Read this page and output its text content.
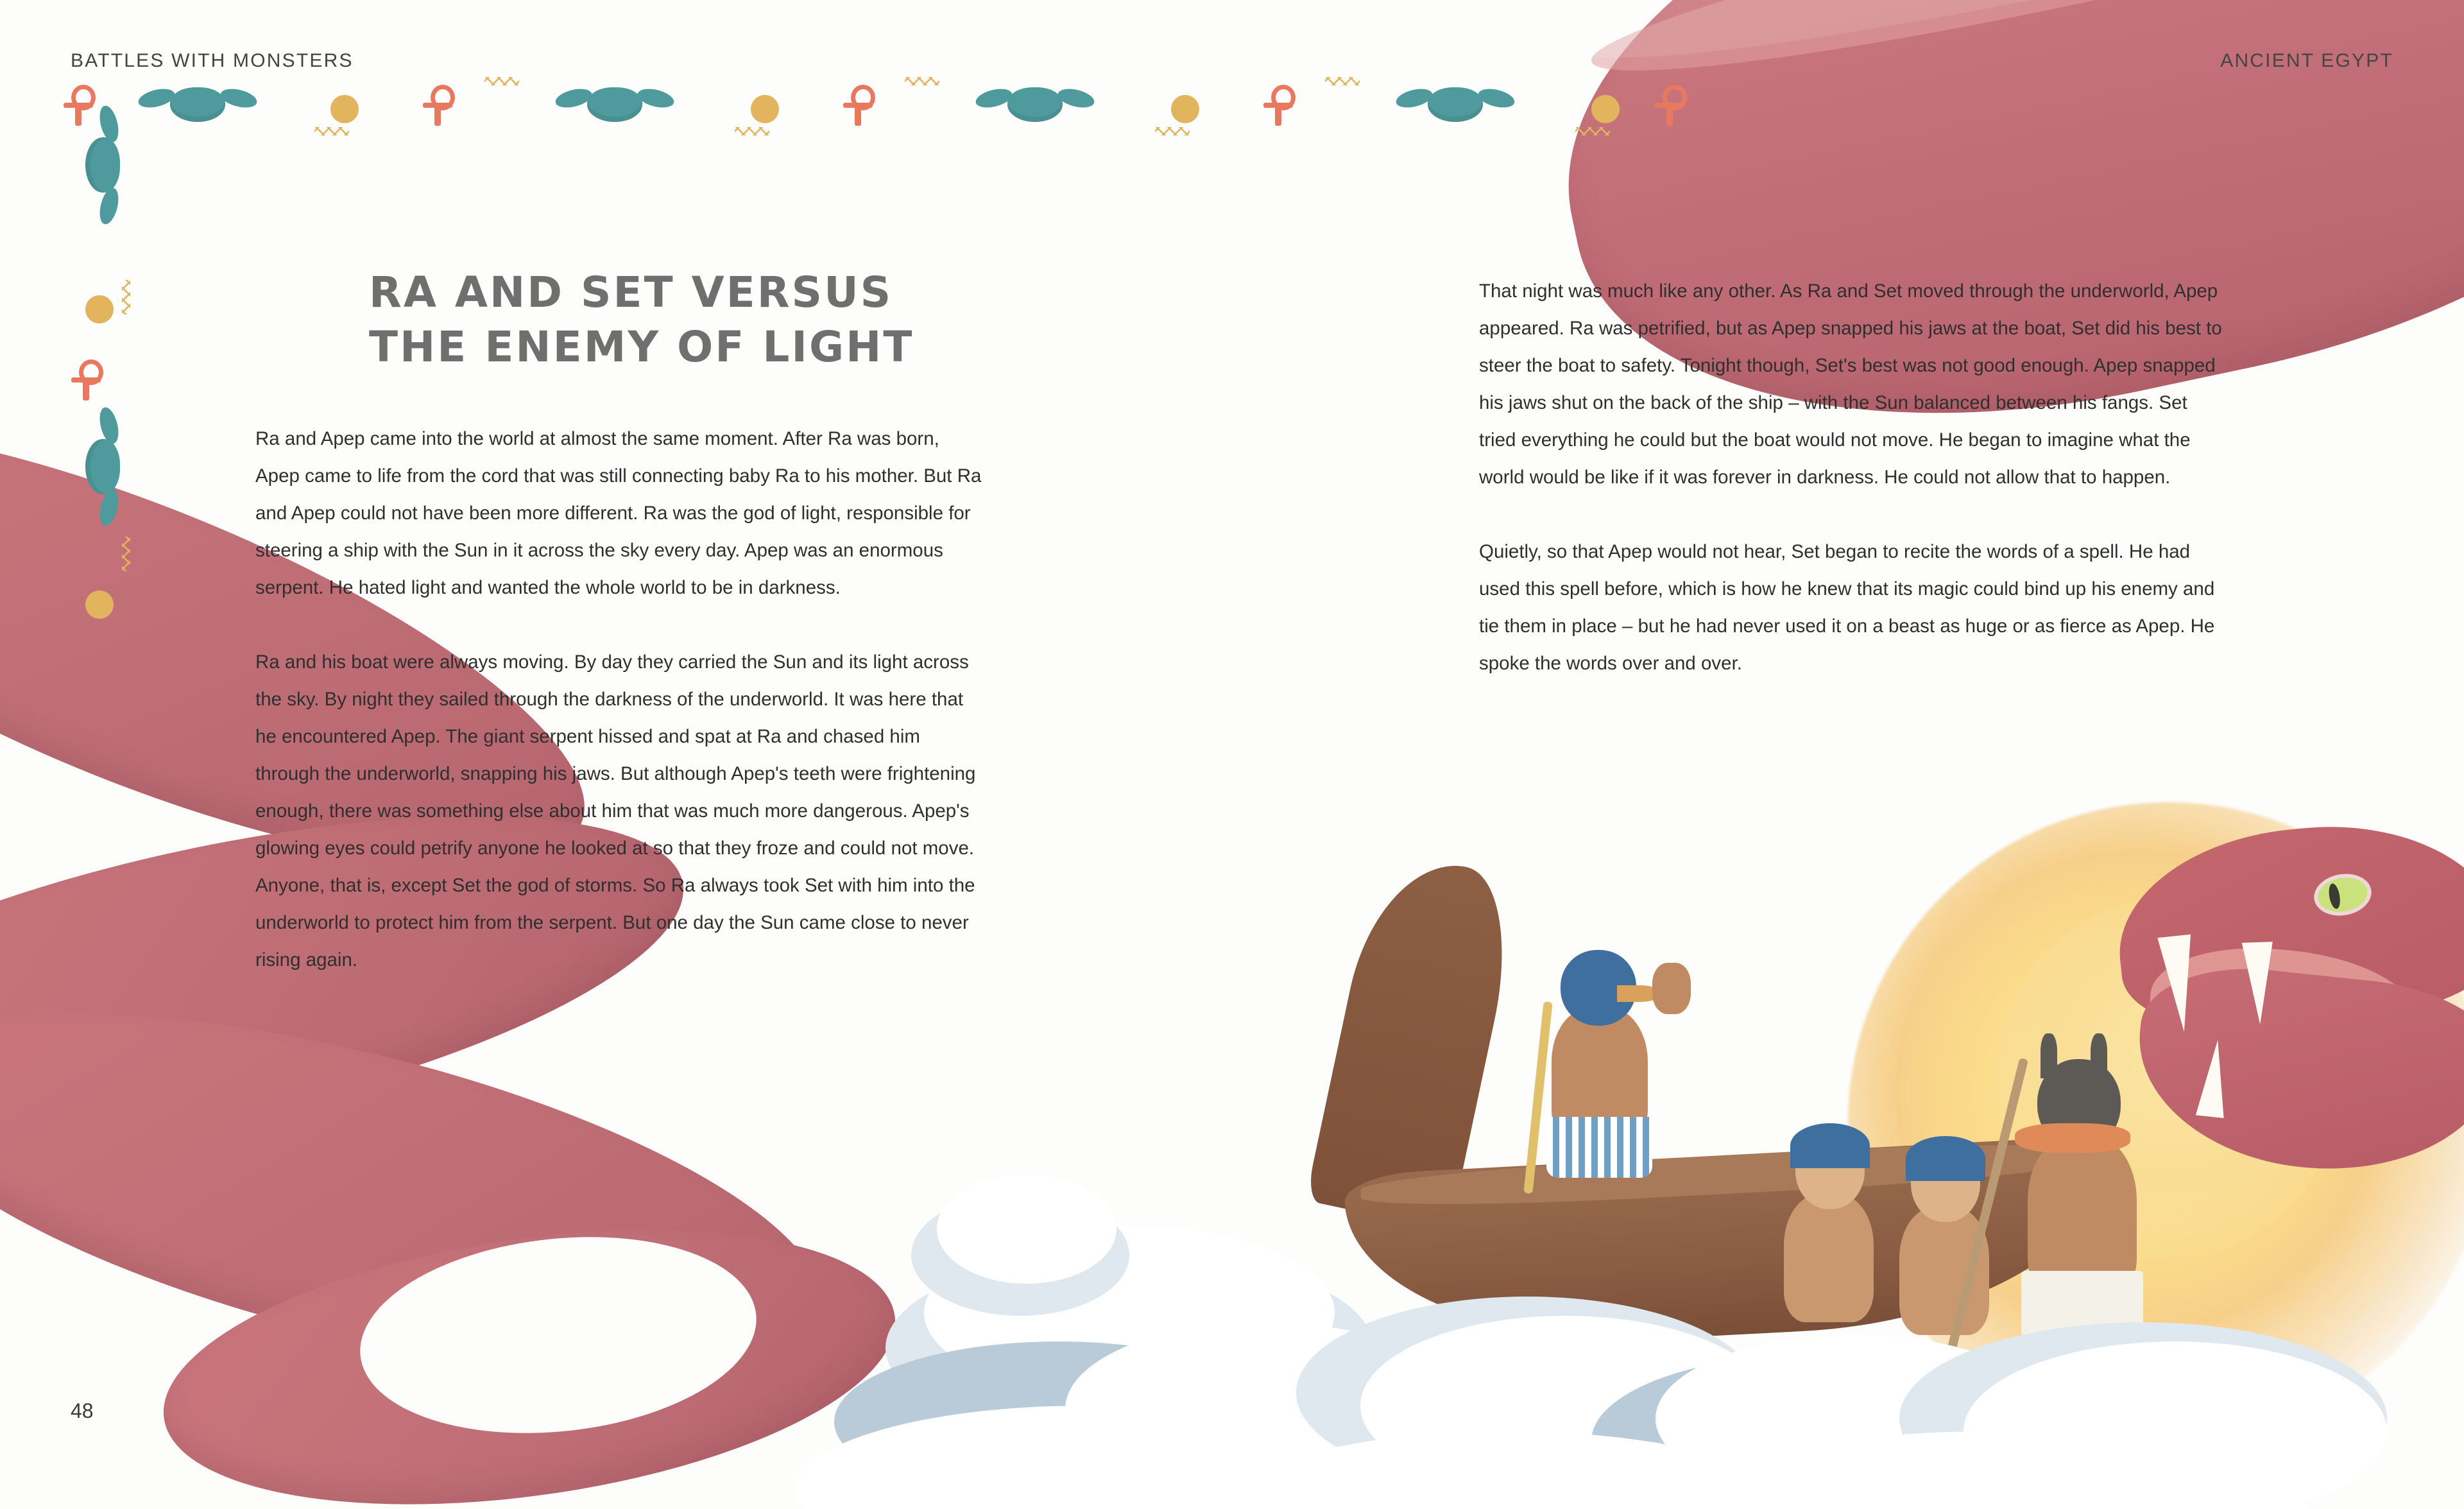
BATTLES WITH MONSTERS	ANCIENT EGYPT
RA AND SET VERSUS
THE ENEMY OF LIGHT

Ra and Apep came into the world at almost the same moment. After Ra was born, Apep came to life from the cord that was still connecting baby Ra to his mother. But Ra and Apep could not have been more different. Ra was the god of light, responsible for steering a ship with the Sun in it across the sky every day. Apep was an enormous serpent. He hated light and wanted the whole world to be in darkness.

Ra and his boat were always moving. By day they carried the Sun and its light across the sky. By night they sailed through the darkness of the underworld. It was here that he encountered Apep. The giant serpent hissed and spat at Ra and chased him through the underworld, snapping his jaws. But although Apep's teeth were frightening enough, there was something else about him that was much more dangerous. Apep's glowing eyes could petrify anyone he looked at so that they froze and could not move. Anyone, that is, except Set the god of storms. So Ra always took Set with him into the underworld to protect him from the serpent. But one day the Sun came close to never rising again.

That night was much like any other. As Ra and Set moved through the underworld, Apep appeared. Ra was petrified, but as Apep snapped his jaws at the boat, Set did his best to steer the boat to safety. Tonight though, Set's best was not good enough. Apep snapped his jaws shut on the back of the ship – with the Sun balanced between his fangs. Set tried everything he could but the boat would not move. He began to imagine what the world would be like if it was forever in darkness. He could not allow that to happen.

Quietly, so that Apep would not hear, Set began to recite the words of a spell. He had used this spell before, which is how he knew that its magic could bind up his enemy and tie them in place – but he had never used it on a beast as huge or as fierce as Apep. He spoke the words over and over.

48
